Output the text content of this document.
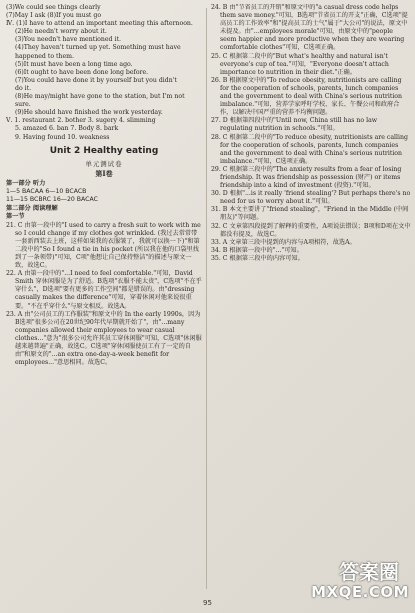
(3)We could see things clearly
(7)May I ask (8)If you must go
Ⅳ. (1)I have to attend an important meeting this afternoon.
(2)He needn't worry about it.
(3)You needn't have mentioned it.
(4)They haven't turned up yet. Something must have
happened to them.
(5)It must have been a long time ago.
(6)It ought to have been done long before.
(7)You could have done it by yourself but you didn't
do it.
(8)He may/might have gone to the station, but I'm not
sure.
(9)He should have finished the work yesterday.
Ⅴ. 1. restaurant 2. bother 3. sugery 4. slimming
5. amazed 6. ban 7. Body 8. bark
9. Having found 10. weakness
Unit 2 Healthy eating
单元测试卷
第Ⅰ卷
第一部分 听力
1—5 BACAA 6—10 BCACB
11—15 BCBRC 16—20 BACAC
第二部分 阅读理解
第一节

21. C 由第一段中的"I used to carry a fresh suit to work with me so I could change if my clothes got wrinkled. (我过去常常带一套新西装去上班，这样如果我的衣服皱了，我就可以换一下)"和第二段中的"So I found a tie in his pocket (所以我在他的口袋里找到了一条领带)"可知，C项"他想让自己保持整洁"的描述与原文一致，故选C。

22. A 由第一段中的"...I need to feel comfortable."可知，David Smith 穿休闲服是为了舒适。B选项"衣服不能太贵"，C选项"不在乎穿什么"，D选项"要有更多的工作空间"都是错误的。由"dressing casually makes the difference"可知，穿着休闲对他来说很重要。"不在乎穿什么"与原文相反。故选A。

23. A 由"公司员工的工作服装"和原文中的 In the early 1990s，因为B选项"很多公司在20世纪90年代早期就开始了"，由"...many companies allowed their employees to wear casual clothes..."意为"很多公司允许其员工穿休闲服"可知，C选项"休闲服越来越普遍"正确，故选C。C选项"穿休闲服使员工有了一定的自由"和原文的"...an extra one-day-a-week benefit for employees..."意思相同。故选C。

24. B 由"节省员工的开销"和原文中的"a casual dress code helps them save money."可知，B选项"节省员工的开支"正确，C选项"提高员工的工作效率"和"提高员工的士气"属于"大公司"的说法，原文中未提及。由"...employees morale"可知，由原文中的"people seem happier and more productive when they are wearing comfortable clothes"可知，C选项正确。

25. C 根据第二段中的"But what's healthy and natural isn't everyone's cup of tea."可知，"Everyone doesn't attach importance to nutrition in their diet."正确。

26. B 根据原文中的"To reduce obesity, nutritionists are calling for the cooperation of schools, parents, lunch companies and the government to deal with China's serious nutrition imbalance."可知，营养学家呼吁学校、家长、午餐公司和政府合作，以解决中国严重的营养不均衡问题。

27. D 根据第四段中的"Until now, China still has no law regulating nutrition in schools."可知。

28. C 根据第二段中的"To reduce obesity, nutritionists are calling for the cooperation of schools, parents, lunch companies and the government to deal with China's serious nutrition imbalance."可知，C选项正确。

29. C 根据第三段中的"The anxiety results from a fear of losing friendship. It was friendship as possession (财产) or items friendship into a kind of investment (投资)."可知。

30. D 根据"...is it really 'friend stealing'? But perhaps there's no need for us to worry about it."可知。

31. B 本文主要讲了"friend stealing"，"Friend in the Middle (中间朋友)"等问题。

32. C 文章第四段提到了解释的重要性，A项说法错误；B项和D项在文中都没有提及，故选C。

33. A 文章第三段中提到的内容与A项相符，故选A。

34. B 根据第一段中的"..."可知。

35. C 根据第三段中的内容可知。

95
答案圈
MXQE.COM
